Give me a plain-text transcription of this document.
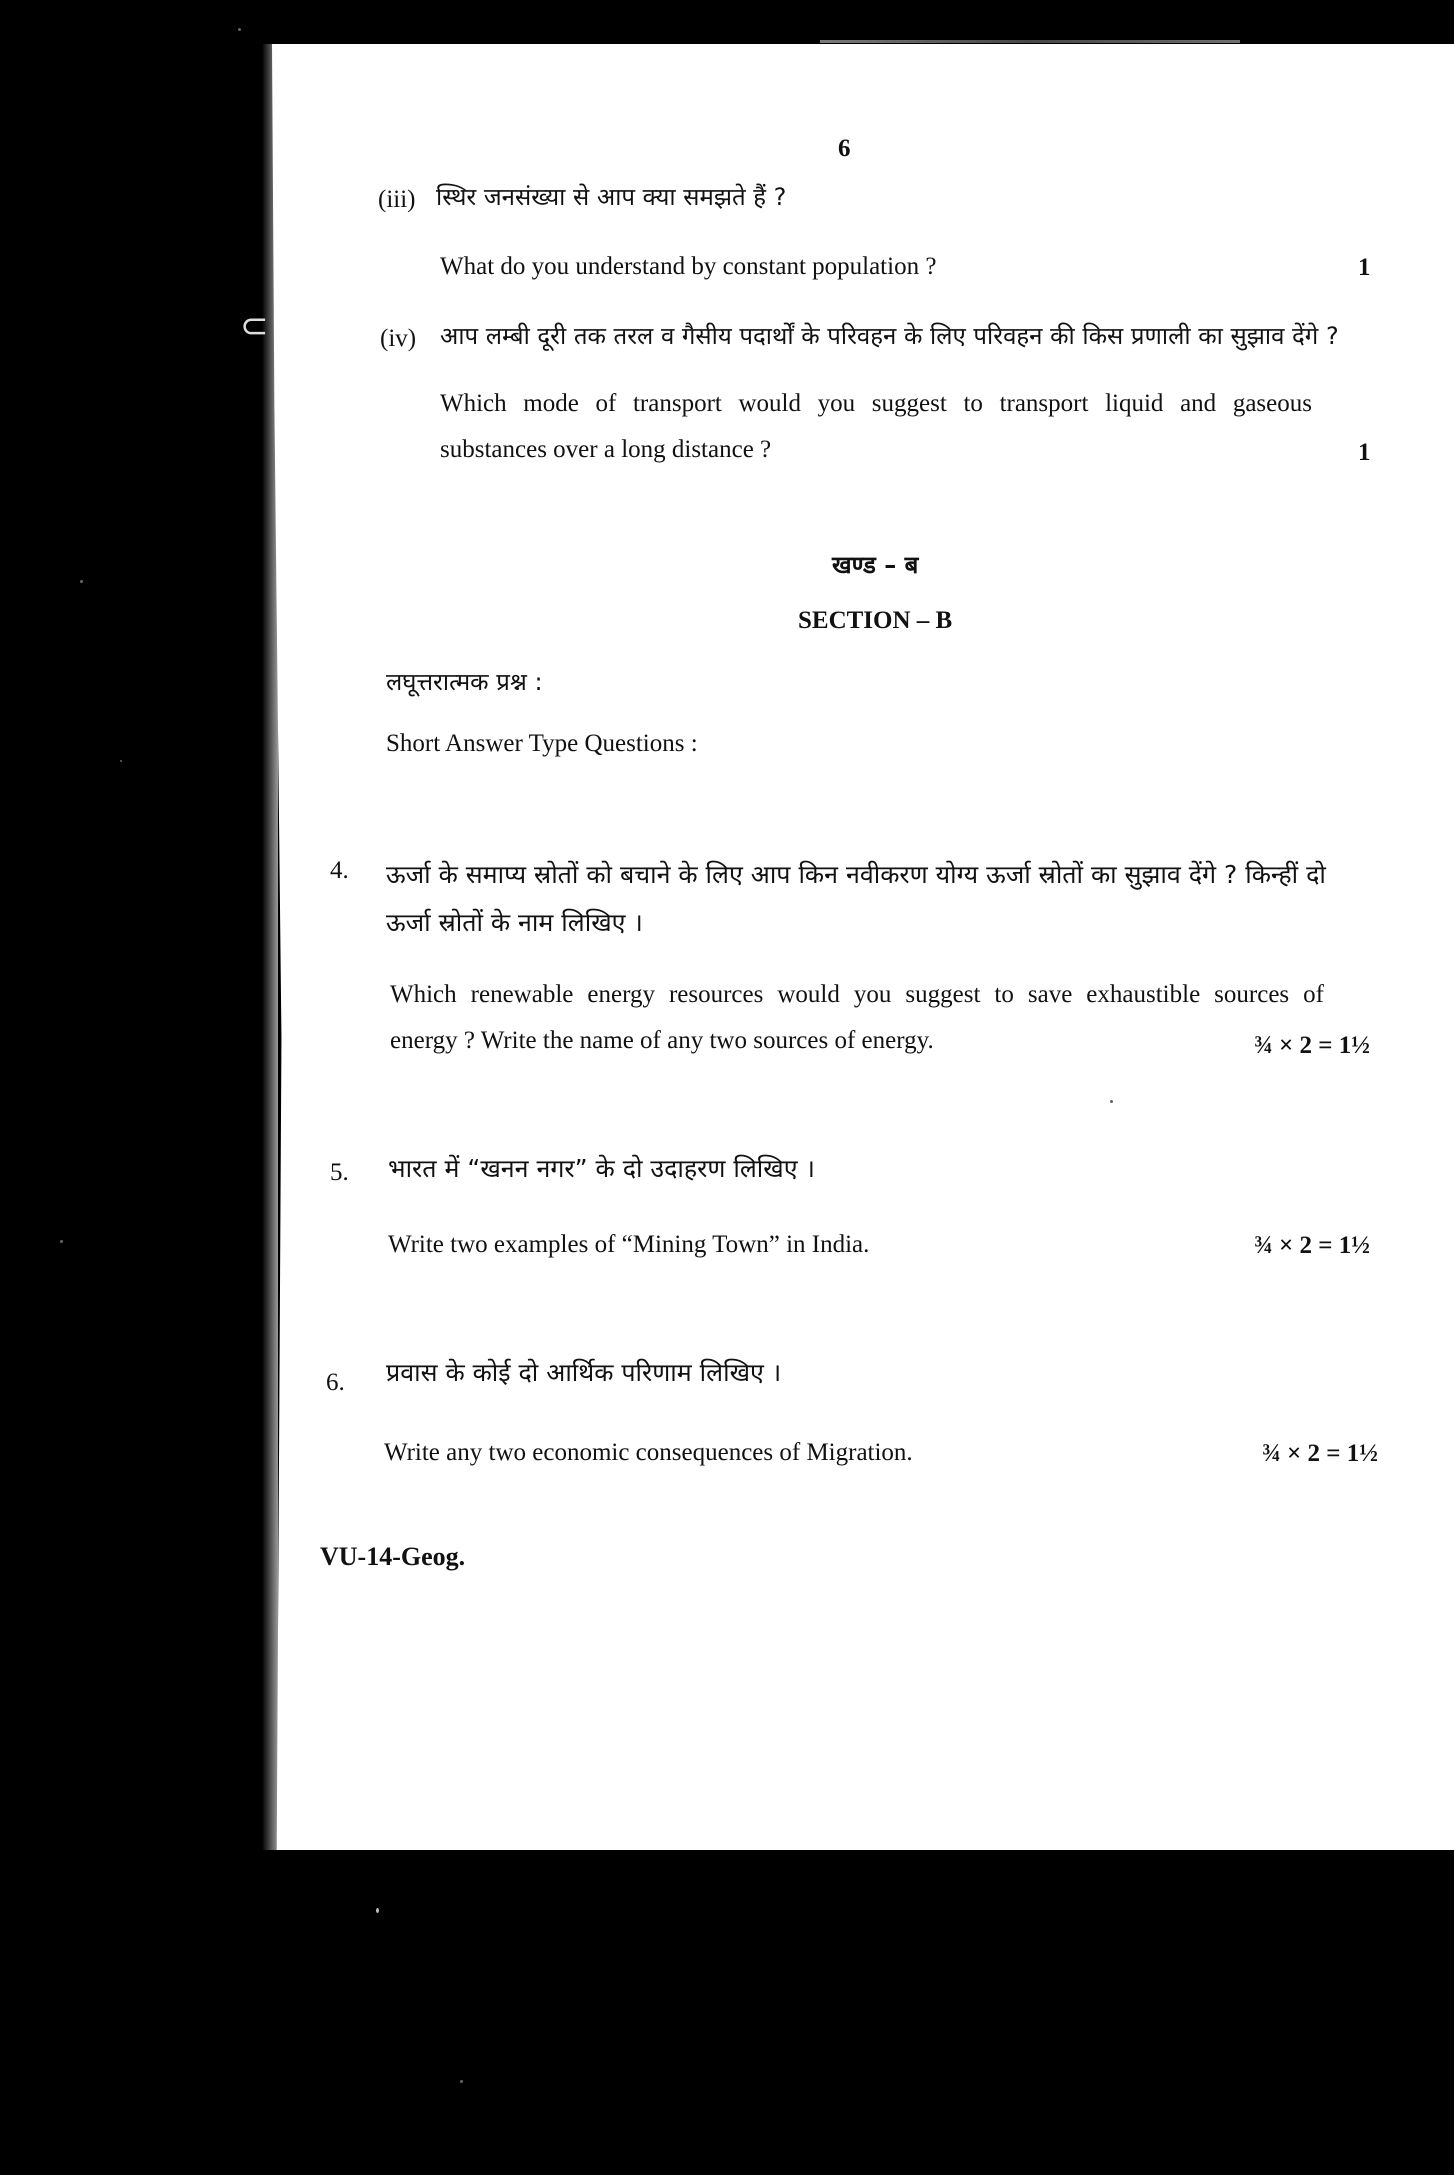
⊂
6
(iii) स्थिर जनसंख्या से आप क्या समझते हैं ?
What do you understand by constant population ?	1
(iv) आप लम्बी दूरी तक तरल व गैसीय पदार्थों के परिवहन के लिए परिवहन की किस प्रणाली का सुझाव देंगे ?
Which mode of transport would you suggest to transport liquid and gaseous
substances over a long distance ?	1
खण्ड – ब
SECTION – B
लघूत्तरात्मक प्रश्न :
Short Answer Type Questions :
4. ऊर्जा के समाप्य स्रोतों को बचाने के लिए आप किन नवीकरण योग्य ऊर्जा स्रोतों का सुझाव देंगे ? किन्हीं दो
ऊर्जा स्रोतों के नाम लिखिए ।
Which renewable energy resources would you suggest to save exhaustible sources of
energy ? Write the name of any two sources of energy.	¾ × 2 = 1½
5. भारत में “खनन नगर” के दो उदाहरण लिखिए ।
Write two examples of “Mining Town” in India.	¾ × 2 = 1½
6. प्रवास के कोई दो आर्थिक परिणाम लिखिए ।
Write any two economic consequences of Migration.	¾ × 2 = 1½
VU-14-Geog.
